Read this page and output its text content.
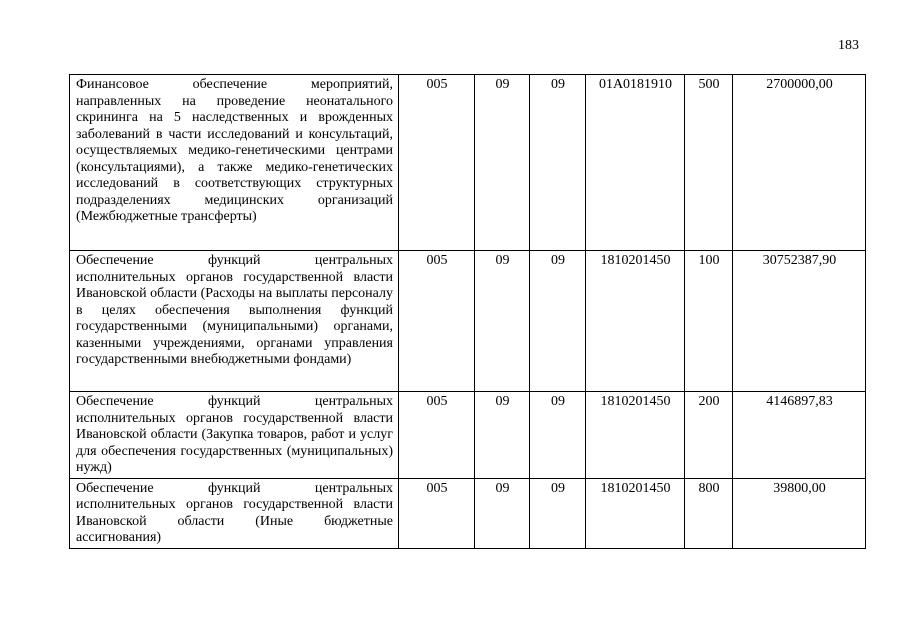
183
Финансовое обеспечение мероприятий, направленных на проведение неонатального скрининга на 5 наследственных и врожденных заболеваний в части исследований и консультаций, осуществляемых медико-генетическими центрами (консультациями), а также медико-генетических исследований в соответствующих структурных подразделениях медицинских организаций (Межбюджетные трансферты)	005	09	09	01А0181910	500	2700000,00
Обеспечение функций центральных исполнительных органов государственной власти Ивановской области (Расходы на выплаты персоналу в целях обеспечения выполнения функций государственными (муниципальными) органами, казенными учреждениями, органами управления государственными внебюджетными фондами)	005	09	09	1810201450	100	30752387,90
Обеспечение функций центральных исполнительных органов государственной власти Ивановской области (Закупка товаров, работ и услуг для обеспечения государственных (муниципальных) нужд)	005	09	09	1810201450	200	4146897,83
Обеспечение функций центральных исполнительных органов государственной власти Ивановской области (Иные бюджетные ассигнования)	005	09	09	1810201450	800	39800,00
